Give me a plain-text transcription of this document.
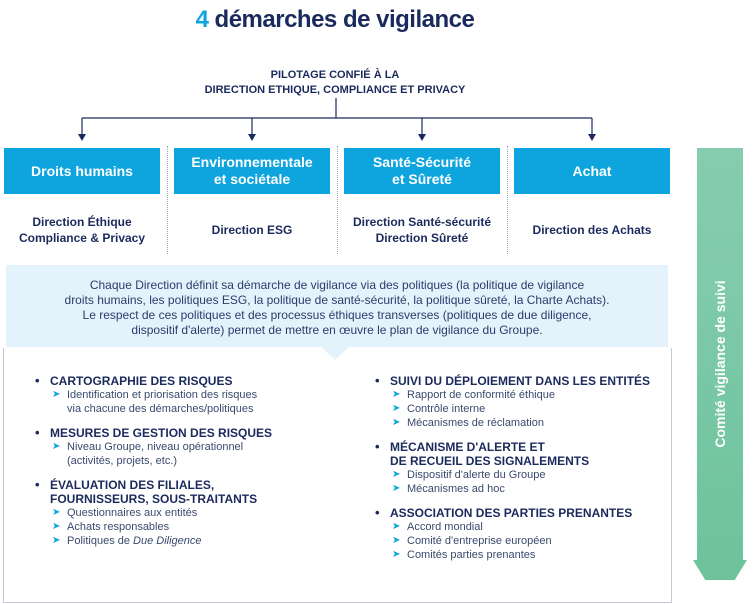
4 démarches de vigilance
PILOTAGE CONFIÉ À LA
DIRECTION ETHIQUE, COMPLIANCE ET PRIVACY
Droits humains
Environnementale
et sociétale
Santé-Sécurité
et Sûreté
Achat
Direction Éthique
Compliance & Privacy
Direction ESG
Direction Santé-sécurité
Direction Sûreté
Direction des Achats
Chaque Direction définit sa démarche de vigilance via des politiques (la politique de vigilance
droits humains, les politiques ESG, la politique de santé-sécurité, la politique sûreté, la Charte Achats).
Le respect de ces politiques et des processus éthiques transverses (politiques de due diligence,
dispositif d'alerte) permet de mettre en œuvre le plan de vigilance du Groupe.
• CARTOGRAPHIE DES RISQUES
➤ Identification et priorisation des risques
via chacune des démarches/politiques
• MESURES DE GESTION DES RISQUES
➤ Niveau Groupe, niveau opérationnel
(activités, projets, etc.)
• ÉVALUATION DES FILIALES,
FOURNISSEURS, SOUS-TRAITANTS
➤ Questionnaires aux entités
➤ Achats responsables
➤ Politiques de Due Diligence
• SUIVI DU DÉPLOIEMENT DANS LES ENTITÉS
➤ Rapport de conformité éthique
➤ Contrôle interne
➤ Mécanismes de réclamation
• MÉCANISME D'ALERTE ET
DE RECUEIL DES SIGNALEMENTS
➤ Dispositif d'alerte du Groupe
➤ Mécanismes ad hoc
• ASSOCIATION DES PARTIES PRENANTES
➤ Accord mondial
➤ Comité d'entreprise européen
➤ Comités parties prenantes
Comité vigilance de suivi
